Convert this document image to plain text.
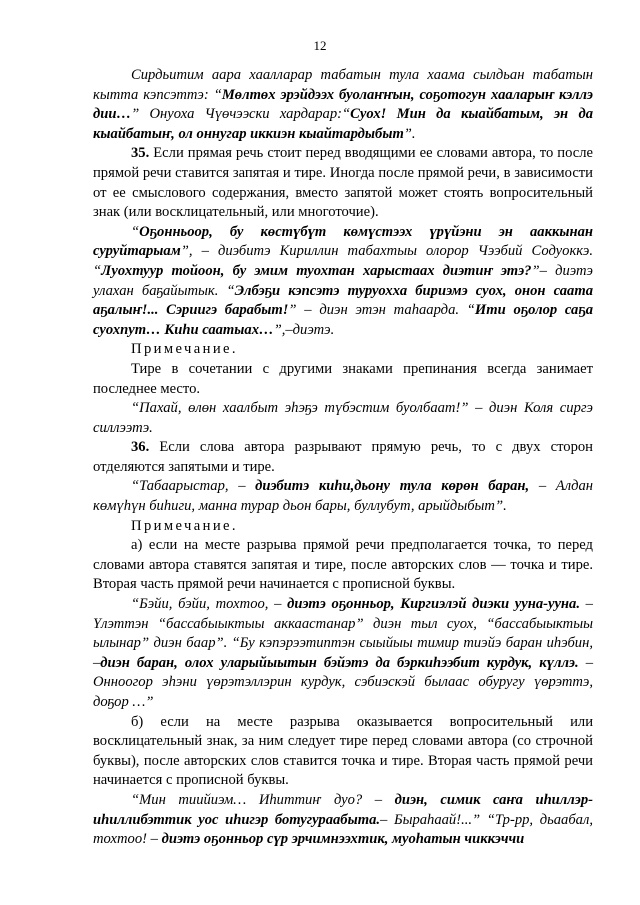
12

Сирдьитим аара хаалларар табатын тула хаама сылдьан табатын кытта кэпсэттэ: “Мөлтөх эрэйдээх буолаҥҥын, соҕотогун хааларыҥ кэллэ дии…” Онуоха Чүөчээски хардарар:“Суох! Мин да кыайбатым, эн да кыайбатыҥ, ол оннугар иккиэн кыайтардыбыт”.

35. Если прямая речь стоит перед вводящими ее словами автора, то после прямой речи ставится запятая и тире. Иногда после прямой речи, в зависимости от ее смыслового содержания, вместо запятой может стоять вопросительный знак (или восклицательный, или многоточие).

“Оҕонньоор, бу көстүбүт көмүстээх үрүйэни эн ааккынан суруйтарыам”, – диэбитэ Кириллин табахтыы олорор Чээбий Содуоккэ. “Луохтуур тойоон, бу эмим туохтан харыстаах диэтиҥ этэ?”– диэтэ улахан баҕайытык. “Элбэҕи кэпсэтэ туруохха бириэмэ суох, онон саата аҕалыҥ!... Сэриигэ барабыт!” – диэн этэн таһаарда. “Ити оҕолор саҕа суохпут… Киһи саатыах…”,–диэтэ.

Примечание.

Тире в сочетании с другими знаками препинания всегда занимает последнее место.

“Пахай, өлөн хаалбыт эһэҕэ түбэстим буолбаат!” – диэн Коля сиргэ силлээтэ.

36. Если слова автора разрывают прямую речь, то с двух сторон отделяются запятыми и тире.

“Табаарыстар, – диэбитэ киһи,дьону тула көрөн баран, – Алдан көмүһүн биһиги, манна турар дьон бары, буллубут, арыйдыбыт”.

Примечание.

а) если на месте разрыва прямой речи предполагается точка, то перед словами автора ставятся запятая и тире, после авторских слов — точка и тире. Вторая часть прямой речи начинается с прописной буквы.

“Бэйи, бэйи, тохтоо, – диэтэ оҕонньор, Киргиэлэй диэки ууна-ууна. – Үлэттэн “бассабыыктыы аккаастанар” диэн тыл суох, “бассабыыктыы ылынар” диэн баар”. “Бу кэпэрээтиптэн сыыйыы тимир тиэйэ баран иһэбин, –диэн баран, олох уларыйыытын бэйэтэ да бэркиһээбит курдук, күллэ. – Онноогор эһэни үөрэтэллэрин курдук, сэбиэскэй былаас обуругу үөрэттэ, доҕор …”

б) если на месте разрыва оказывается вопросительный или восклицательный знак, за ним следует тире перед словами автора (со строчной буквы), после авторских слов ставится точка и тире. Вторая часть прямой речи начинается с прописной буквы.

“Мин тиийиэм… Иһиттиҥ дуо? – диэн, симик саҥа иһиллэр-иһиллибэттик уос иһигэр ботугураабыта.– Быраһаай!...” “Тр-рр, дьаабал, тохтоо! – диэтэ оҕонньор сүр эрчимнээхтик, муоһатын чиккэччи
